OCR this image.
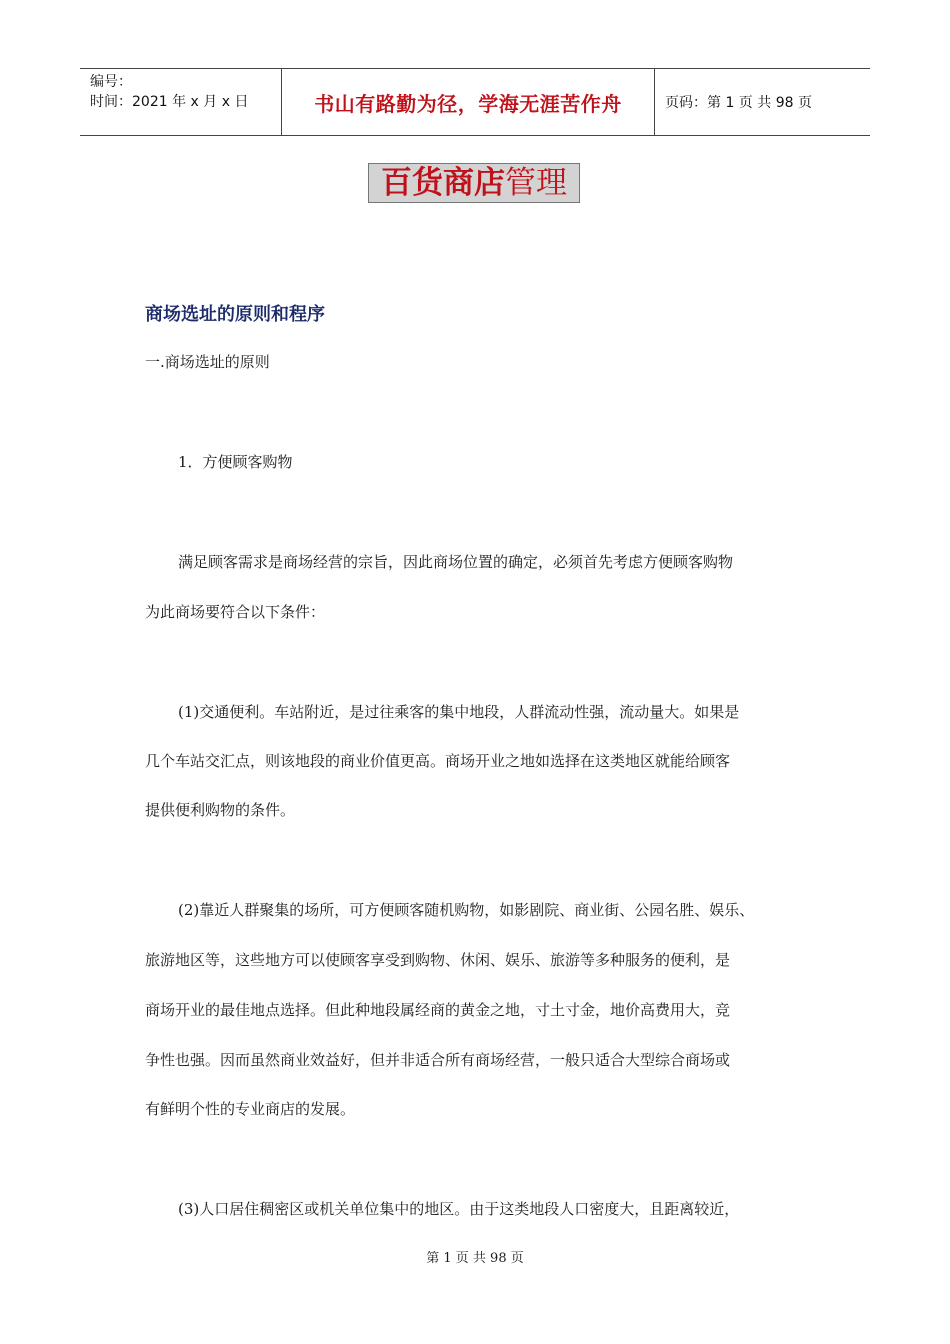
编号：
时间：2021 年 x 月 x 日	书山有路勤为径，学海无涯苦作舟	页码：第 1 页 共 98 页
百货商店 管理
商场选址的原则和程序
一.商场选址的原则
1．方便顾客购物
满足顾客需求是商场经营的宗旨，因此商场位置的确定，必须首先考虑方便顾客购物
为此商场要符合以下条件：
(1)交通便利。车站附近，是过往乘客的集中地段，人群流动性强，流动量大。如果是
几个车站交汇点，则该地段的商业价值更高。商场开业之地如选择在这类地区就能给顾客
提供便利购物的条件。
(2)靠近人群聚集的场所，可方便顾客随机购物，如影剧院、商业街、公园名胜、娱乐、
旅游地区等，这些地方可以使顾客享受到购物、休闲、娱乐、旅游等多种服务的便利，是
商场开业的最佳地点选择。但此种地段属经商的黄金之地，寸土寸金，地价高费用大，竞
争性也强。因而虽然商业效益好，但并非适合所有商场经营，一般只适合大型综合商场或
有鲜明个性的专业商店的发展。
(3)人口居住稠密区或机关单位集中的地区。由于这类地段人口密度大，且距离较近，
第 1 页 共 98 页
